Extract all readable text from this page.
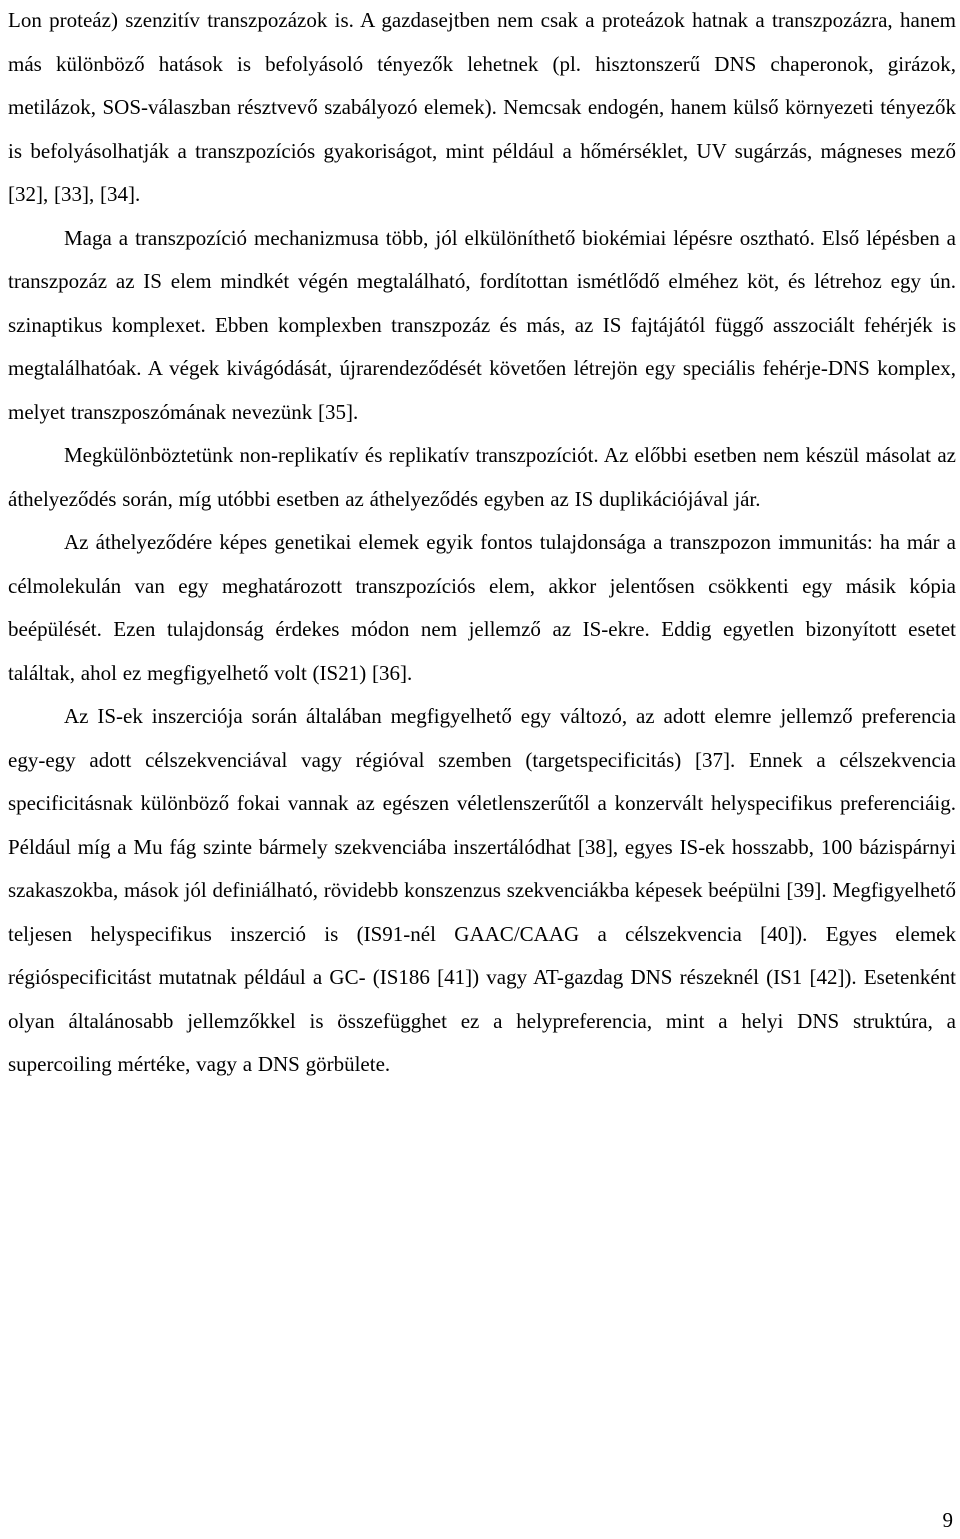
Lon proteáz) szenzitív transzpozázok is. A gazdasejtben nem csak a proteázok hatnak a transzpozázra, hanem más különböző hatások is befolyásoló tényezők lehetnek (pl. hisztonszerű DNS chaperonok, girázok, metilázok, SOS-válaszban résztvevő szabályozó elemek). Nemcsak endogén, hanem külső környezeti tényezők is befolyásolhatják a transzpozíciós gyakoriságot, mint például a hőmérséklet, UV sugárzás, mágneses mező [32], [33], [34].

Maga a transzpozíció mechanizmusa több, jól elkülöníthető biokémiai lépésre osztható. Első lépésben a transzpozáz az IS elem mindkét végén megtalálható, fordítottan ismétlődő elméhez köt, és létrehoz egy ún. szinaptikus komplexet. Ebben komplexben transzpozáz és más, az IS fajtájától függő asszociált fehérjék is megtalálhatóak. A végek kivágódását, újrarendeződését követően létrejön egy speciális fehérje-DNS komplex, melyet transzposzómának nevezünk [35].

Megkülönböztetünk non-replikatív és replikatív transzpozíciót. Az előbbi esetben nem készül másolat az áthelyeződés során, míg utóbbi esetben az áthelyeződés egyben az IS duplikációjával jár.

Az áthelyeződére képes genetikai elemek egyik fontos tulajdonsága a transzpozon immunitás: ha már a célmolekulán van egy meghatározott transzpozíciós elem, akkor jelentősen csökkenti egy másik kópia beépülését. Ezen tulajdonság érdekes módon nem jellemző az IS-ekre. Eddig egyetlen bizonyított esetet találtak, ahol ez megfigyelhető volt (IS21) [36].

Az IS-ek inszerciója során általában megfigyelhető egy változó, az adott elemre jellemző preferencia egy-egy adott célszekvenciával vagy régióval szemben (targetspecificitás) [37]. Ennek a célszekvencia specificitásnak különböző fokai vannak az egészen véletlenszerűtől a konzervált helyspecifikus preferenciáig. Például míg a Mu fág szinte bármely szekvenciába inszertálódhat [38], egyes IS-ek hosszabb, 100 bázispárnyi szakaszokba, mások jól definiálható, rövidebb konszenzus szekvenciákba képesek beépülni [39]. Megfigyelhető teljesen helyspecifikus inszerció is (IS91-nél GAAC/CAAG a célszekvencia [40]). Egyes elemek régióspecificitást mutatnak például a GC- (IS186 [41]) vagy AT-gazdag DNS részeknél (IS1 [42]). Esetenként olyan általánosabb jellemzőkkel is összefügghet ez a helypreferencia, mint a helyi DNS struktúra, a supercoiling mértéke, vagy a DNS görbülete.

9
